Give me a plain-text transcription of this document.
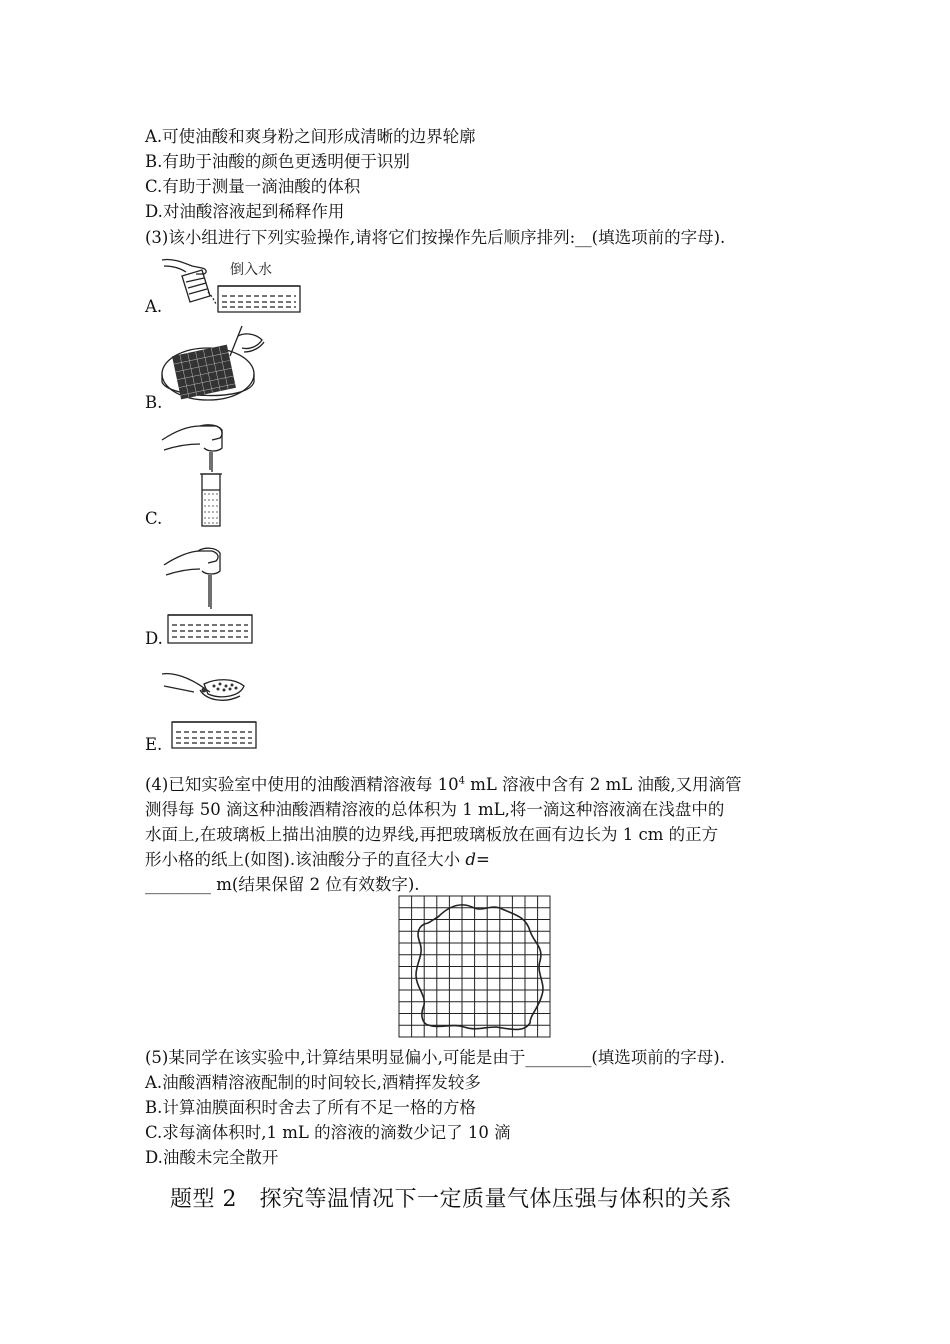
A.可使油酸和爽身粉之间形成清晰的边界轮廓
B.有助于油酸的颜色更透明便于识别
C.有助于测量一滴油酸的体积
D.对油酸溶液起到稀释作用
(3)该小组进行下列实验操作,请将它们按操作先后顺序排列:__(填选项前的字母).
倒入水
A.
B.
C.
D.
E.
(4)已知实验室中使用的油酸酒精溶液每 $10^4$ mL 溶液中含有 2 mL 油酸,又用滴管
测得每 50 滴这种油酸酒精溶液的总体积为 1 mL,将一滴这种溶液滴在浅盘中的
水面上,在玻璃板上描出油膜的边界线,再把玻璃板放在画有边长为 1 cm 的正方
形小格的纸上(如图).该油酸分子的直径大小 d=
________ m(结果保留 2 位有效数字).
(5)某同学在该实验中,计算结果明显偏小,可能是由于________(填选项前的字母).
A.油酸酒精溶液配制的时间较长,酒精挥发较多
B.计算油膜面积时舍去了所有不足一格的方格
C.求每滴体积时,1 mL 的溶液的滴数少记了 10 滴
D.油酸未完全散开
题型 2　探究等温情况下一定质量气体压强与体积的关系
